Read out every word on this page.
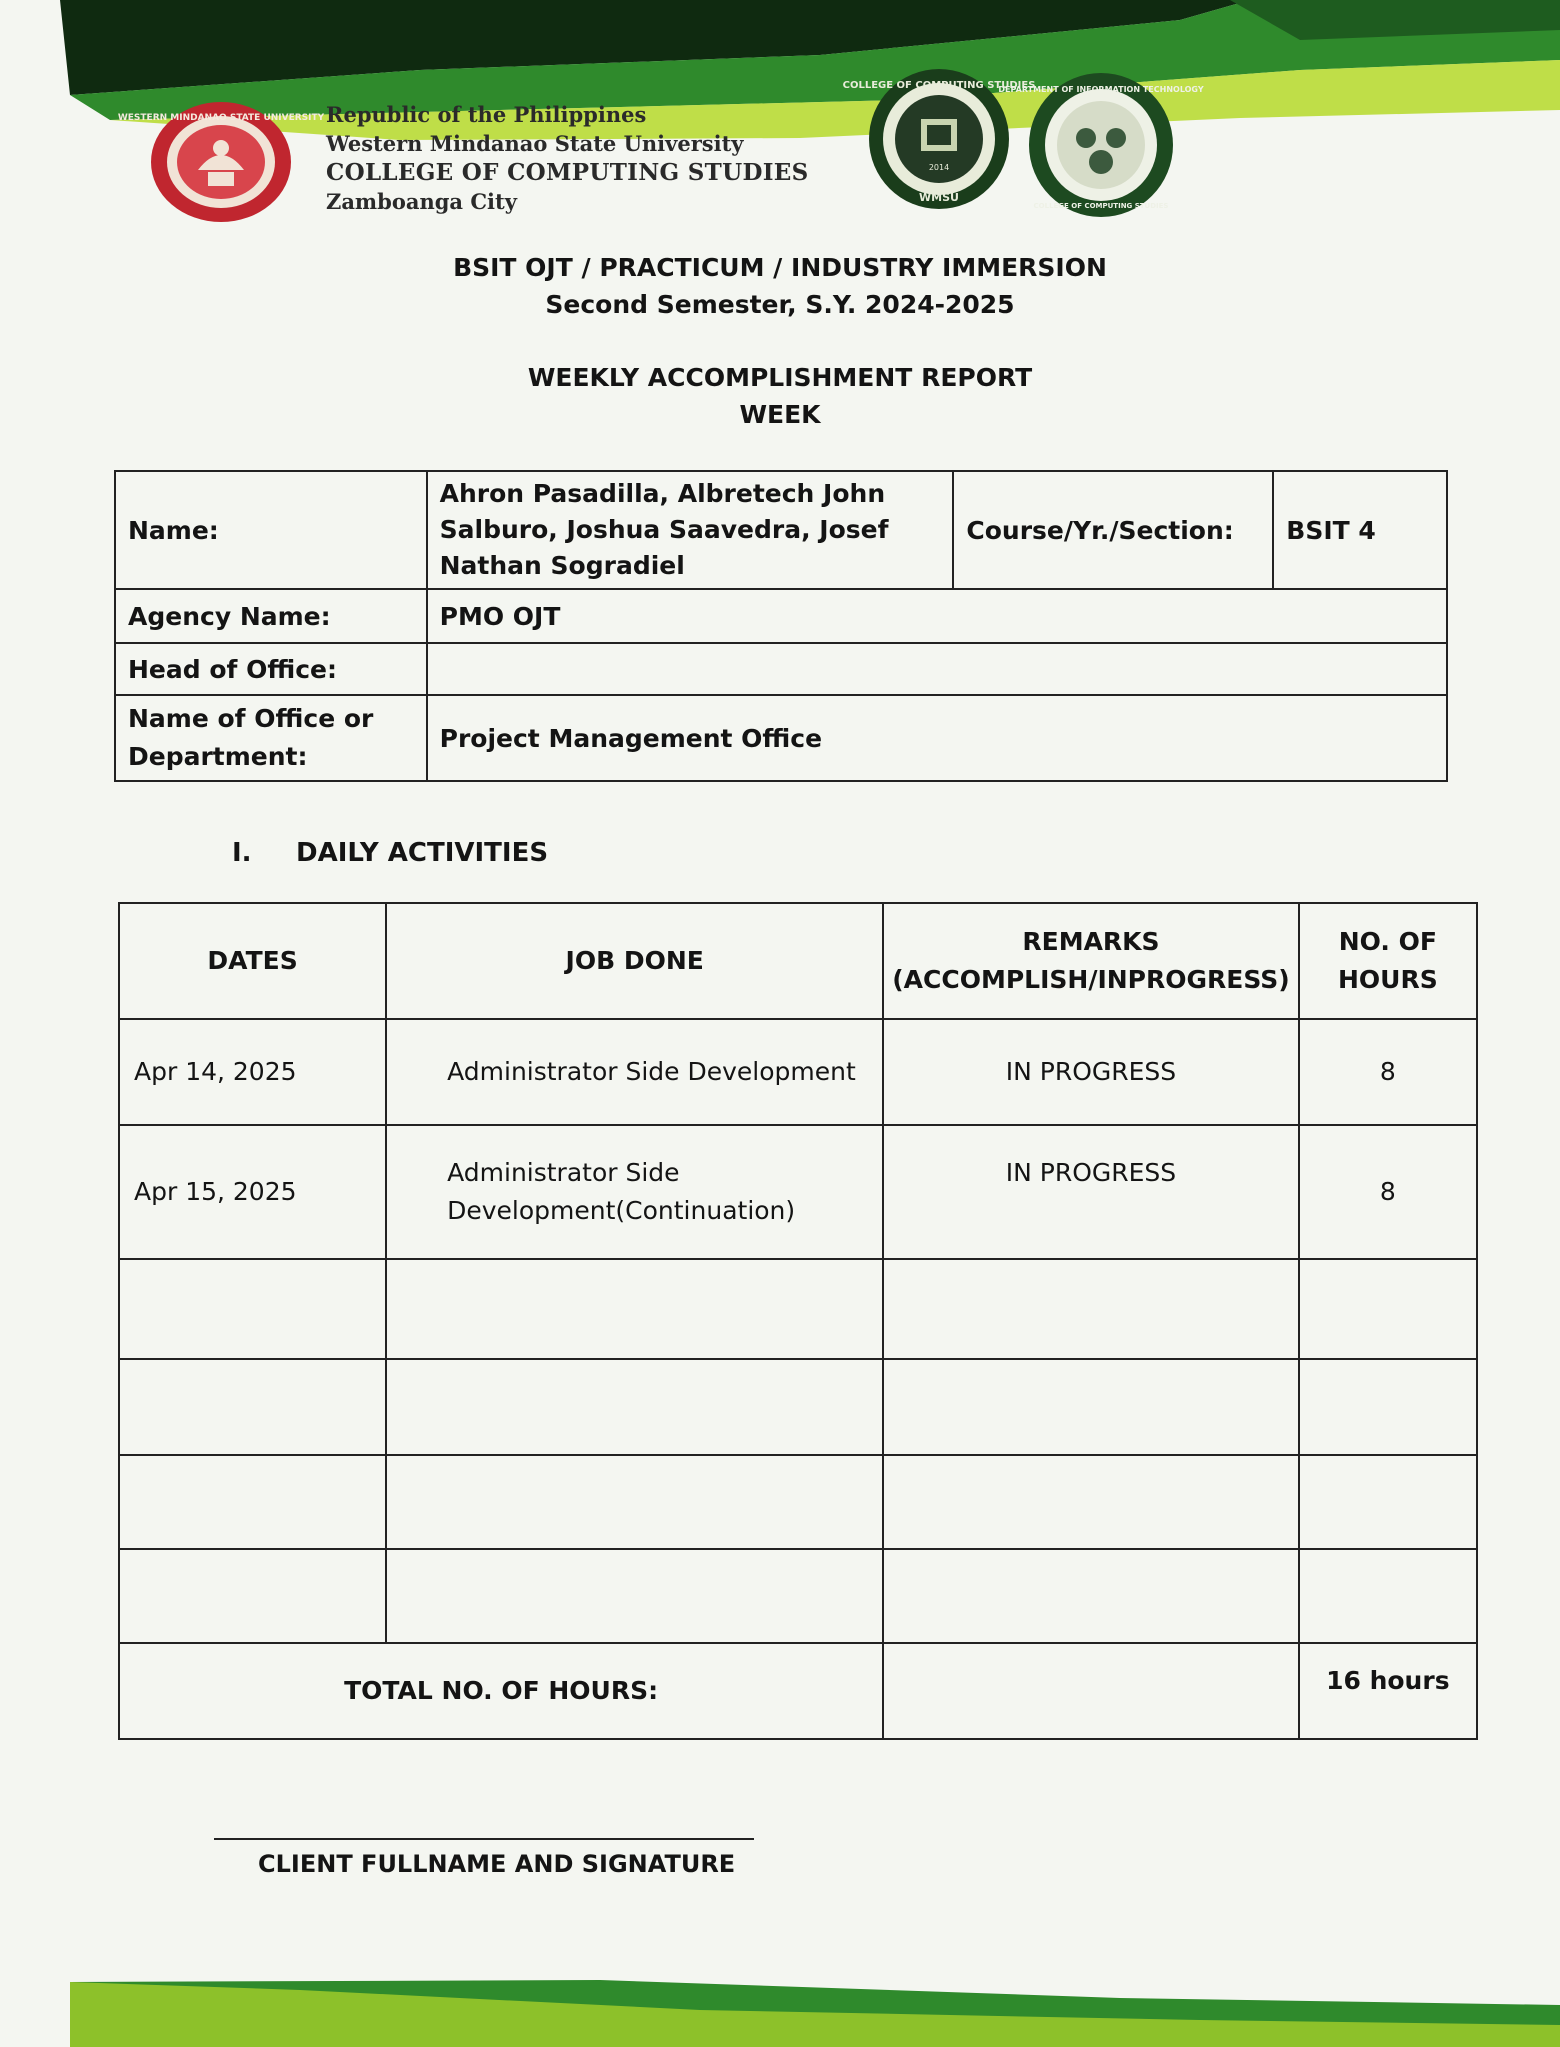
WESTERN MINDANAO STATE UNIVERSITY Republic of the Philippines
Western Mindanao State University
COLLEGE OF COMPUTING STUDIES
Zamboanga City
COLLEGE OF COMPUTING STUDIES
2014
WMSU
DEPARTMENT OF INFORMATION TECHNOLOGY
COLLEGE OF COMPUTING STUDIES
BSIT OJT / PRACTICUM / INDUSTRY IMMERSION
Second Semester, S.Y. 2024-2025
WEEKLY ACCOMPLISHMENT REPORT
WEEK
Name:	Ahron Pasadilla, Albretech John Salburo, Joshua Saavedra, Josef Nathan Sogradiel	Course/Yr./Section:	BSIT 4
Agency Name:	PMO OJT		
Head of Office:			
Name of Office or Department:	Project Management Office		
I. DAILY ACTIVITIES
DATES	JOB DONE	REMARKS (ACCOMPLISH/INPROGRESS)	NO. OF HOURS
Apr 14, 2025	Administrator Side Development	IN PROGRESS	8
Apr 15, 2025	Administrator Side Development(Continuation)	IN PROGRESS	8

TOTAL NO. OF HOURS:			16 hours
CLIENT FULLNAME AND SIGNATURE
